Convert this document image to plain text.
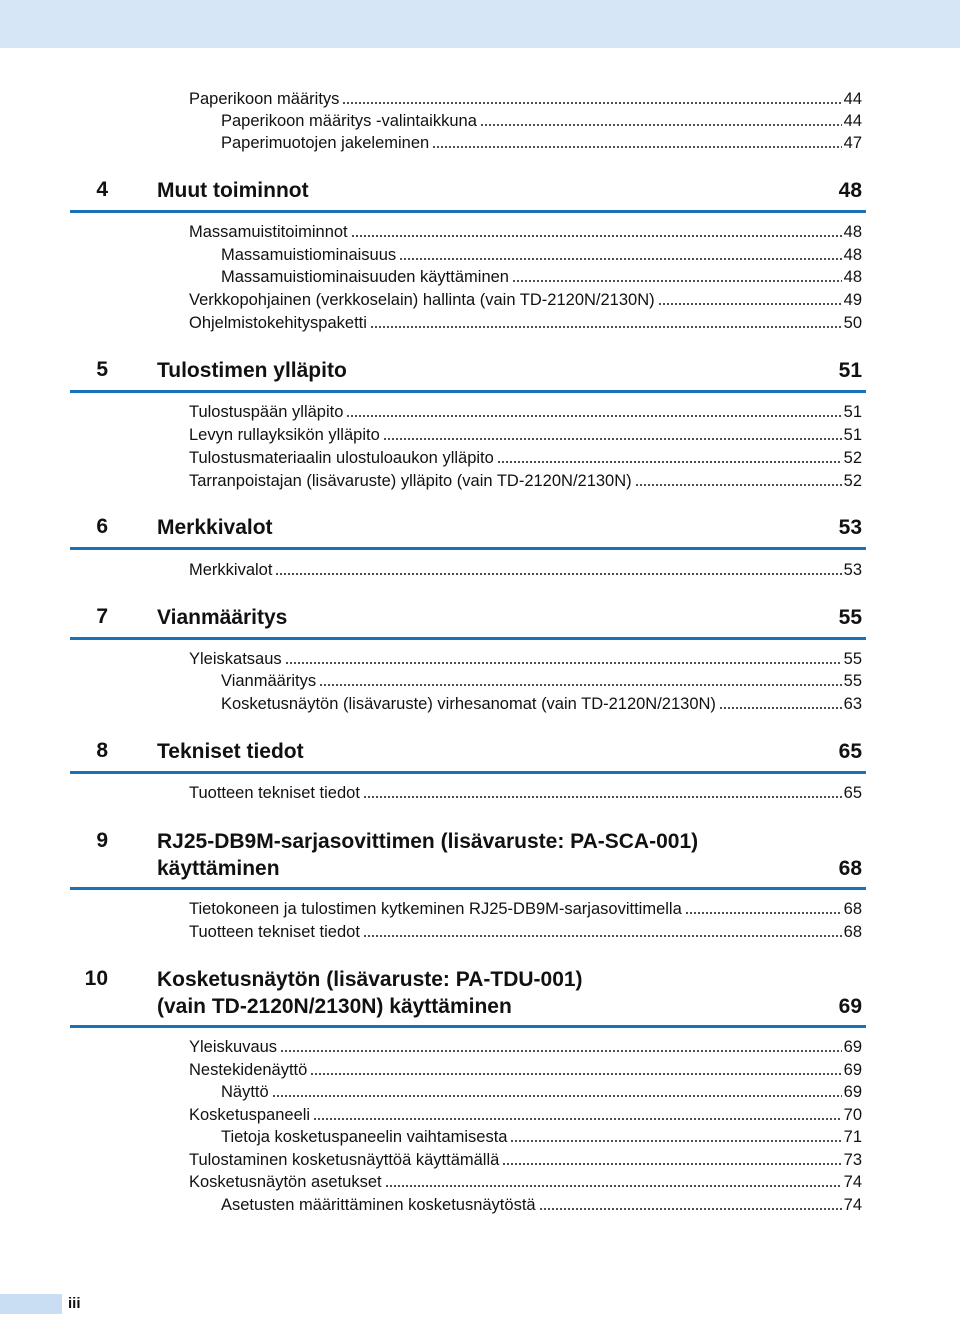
Paperikoon määritys	44
Paperikoon määritys -valintaikkuna	44
Paperimuotojen jakeleminen	47
4 Muut toiminnot	48
Massamuistitoiminnot	48
Massamuistiominaisuus	48
Massamuistiominaisuuden käyttäminen	48
Verkkopohjainen (verkkoselain) hallinta (vain TD-2120N/2130N)	49
Ohjelmistokehityspaketti	50
5 Tulostimen ylläpito	51
Tulostuspään ylläpito	51
Levyn rullayksikön ylläpito	51
Tulostusmateriaalin ulostuloaukon ylläpito	52
Tarranpoistajan (lisävaruste) ylläpito (vain TD-2120N/2130N)	52
6 Merkkivalot	53
Merkkivalot	53
7 Vianmääritys	55
Yleiskatsaus	55
Vianmääritys	55
Kosketusnäytön (lisävaruste) virhesanomat (vain TD-2120N/2130N)	63
8 Tekniset tiedot	65
Tuotteen tekniset tiedot	65
9 RJ25-DB9M-sarjasovittimen (lisävaruste: PA-SCA-001)
käyttäminen	68
Tietokoneen ja tulostimen kytkeminen RJ25-DB9M-sarjasovittimella	68
Tuotteen tekniset tiedot	68
10 Kosketusnäytön (lisävaruste: PA-TDU-001)
(vain TD-2120N/2130N) käyttäminen	69
Yleiskuvaus	69
Nestekidenäyttö	69
Näyttö	69
Kosketuspaneeli	70
Tietoja kosketuspaneelin vaihtamisesta	71
Tulostaminen kosketusnäyttöä käyttämällä	73
Kosketusnäytön asetukset	74
Asetusten määrittäminen kosketusnäytöstä	74
iii
